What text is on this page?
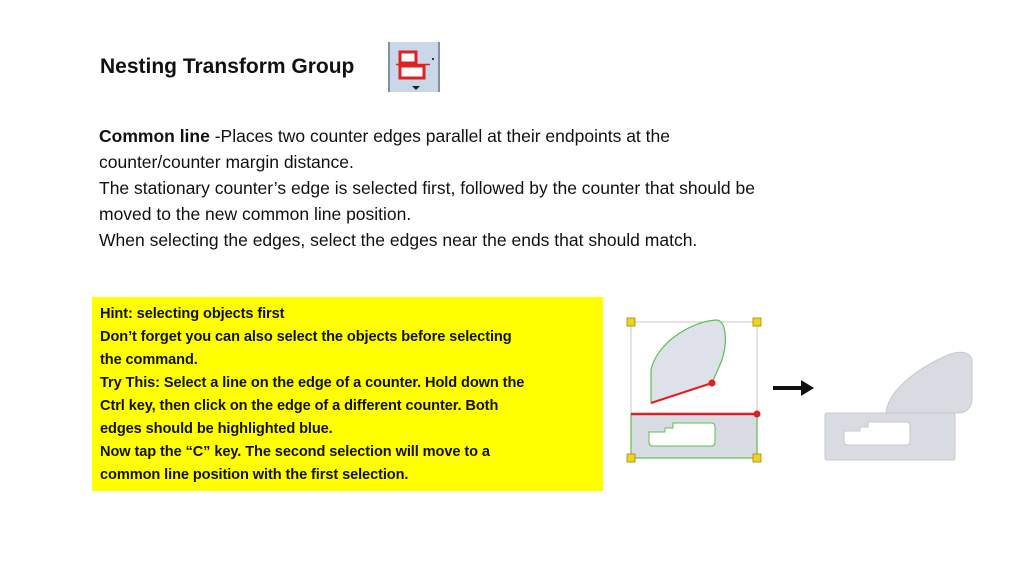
Nesting Transform Group

Common line -Places two counter edges parallel at their endpoints at the

counter/counter margin distance.

The stationary counter’s edge is selected first, followed by the counter that should be

moved to the new common line position.

When selecting the edges, select the edges near the ends that should match.

Hint: selecting objects first

Don’t forget you can also select the objects before selecting

the command.

Try This: Select a line on the edge of a counter. Hold down the

Ctrl key, then click on the edge of a different counter. Both

edges should be highlighted blue.

Now tap the “C” key. The second selection will move to a

common line position with the first selection.
